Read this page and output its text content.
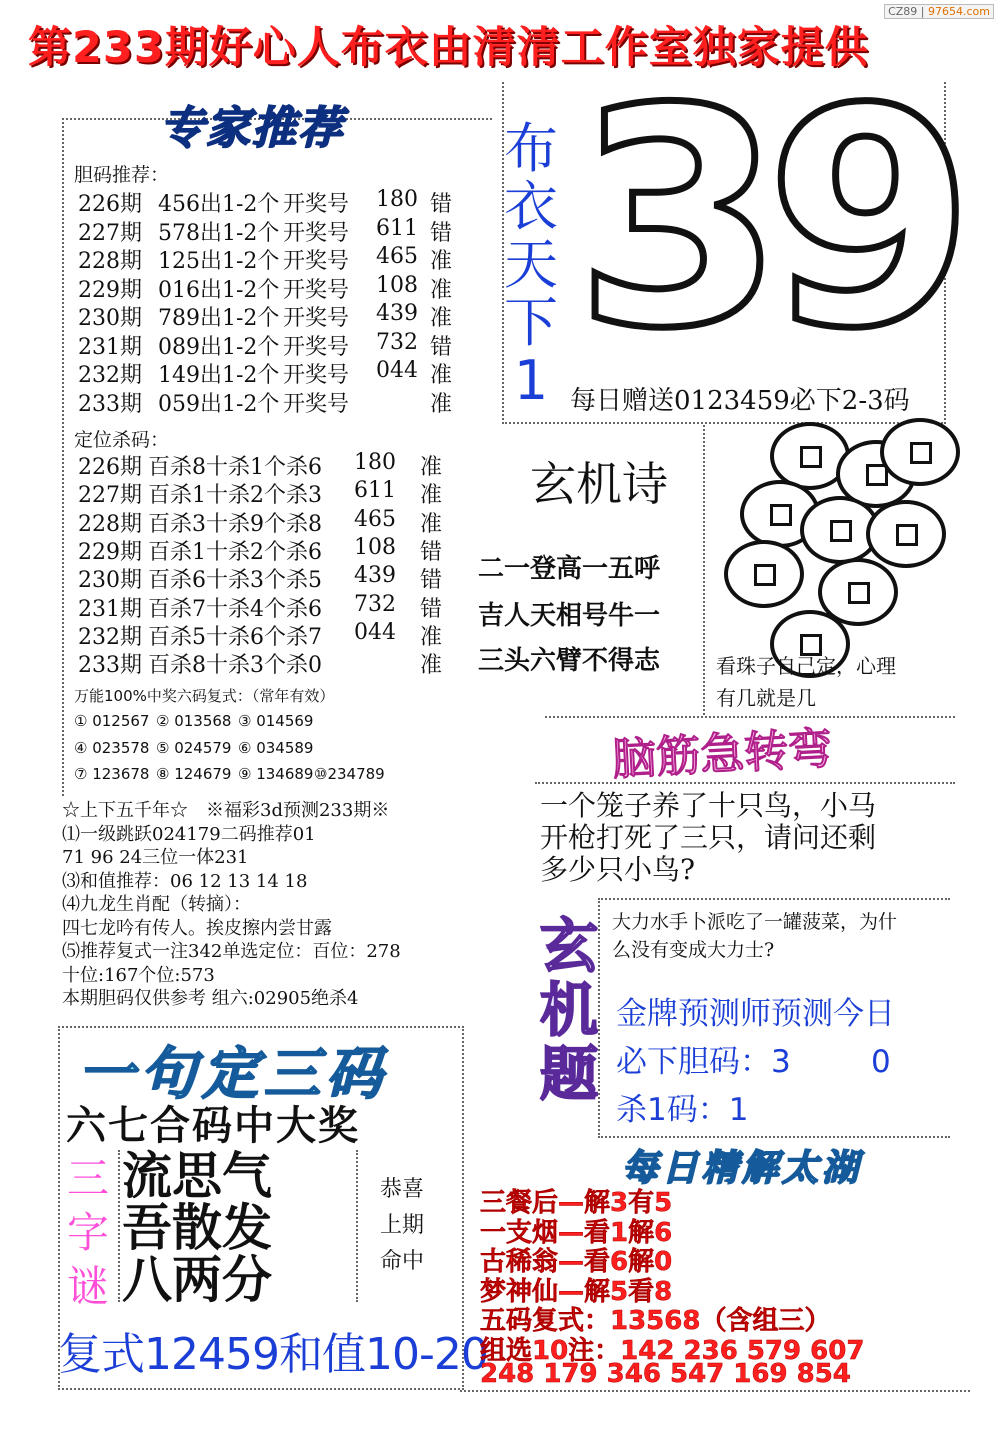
第233期好心人布衣由清清工作室独家提供
CZ89 | 97654.com
专家推荐
胆码推荐：
226期 456出1-2个 开奖号 180 错
227期 578出1-2个 开奖号 611 错
228期 125出1-2个 开奖号 465 准
229期 016出1-2个 开奖号 108 准
230期 789出1-2个 开奖号 439 准
231期 089出1-2个 开奖号 732 错
232期 149出1-2个 开奖号 044 准
233期 059出1-2个 开奖号	准
定位杀码：
226期 百杀8十杀1个杀6 180 准
227期 百杀1十杀2个杀3 611 准
228期 百杀3十杀9个杀8 465 准
229期 百杀1十杀2个杀6 108 错
230期 百杀6十杀3个杀5 439 错
231期 百杀7十杀4个杀6 732 错
232期 百杀5十杀6个杀7 044 准
233期 百杀8十杀3个杀0	准
万能100%中奖六码复式：（常年有效）
① 012567 ② 013568 ③ 014569
④ 023578 ⑤ 024579 ⑥ 034589
⑦ 123678 ⑧ 124679 ⑨ 134689 ⑩234789
☆上下五千年☆　※福彩3d预测233期※
⑴一级跳跃024179二码推荐01
71 96 24三位一体231
⑶和值推荐：06 12 13 14 18
⑷九龙生肖配（转摘）：
四七龙吟有传人。挨皮擦内尝甘露
⑸推荐复式一注342单选定位：百位：278
十位:167个位:573
本期胆码仅供参考 组六:02905绝杀4
布
衣
天
下
1 39
每日赠送0123459必下2-3码
玄机诗
二一登高一五呼
吉人天相号牛一
三头六臂不得志	看珠子自己定，心理
有几就是几
脑筋急转弯
一个笼子养了十只鸟，小马
开枪打死了三只，请问还剩
多少只小鸟?
玄
机
题
大力水手卜派吃了一罐菠菜，为什
么没有变成大力士?
金牌预测师预测今日
必下胆码：3	0
杀1码：1
一句定三码
六七合码中大奖
三
字
谜
流思气
吾散发
八两分
恭喜
上期
命中
复式12459和值10-20
每日精解太湖
三餐后—解3有5
一支烟—看1解6
古稀翁—看6解0
梦神仙—解5看8
五码复式：13568（含组三）
组选10注：142 236 579 607
248 179 346 547 169 854
